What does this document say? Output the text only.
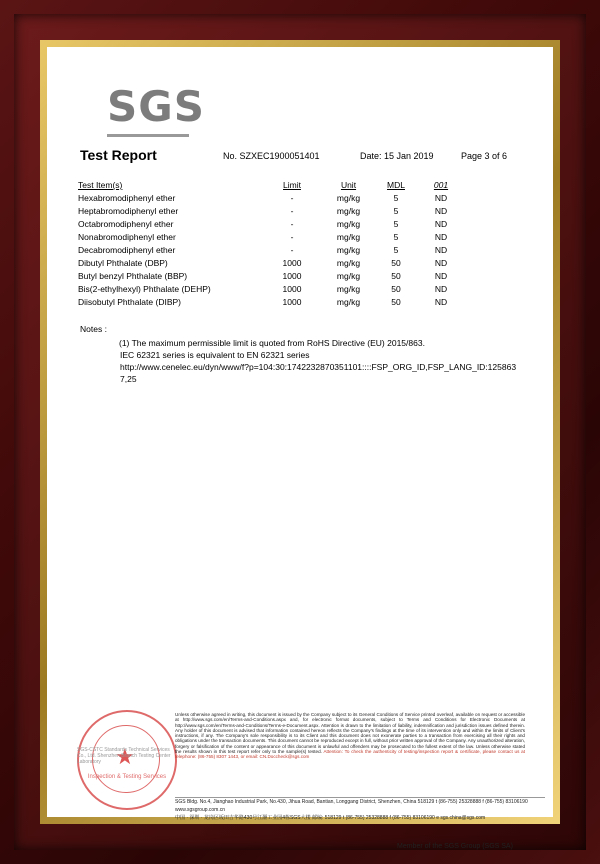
SGS
Test Report	No. SZXEC1900051401	Date: 15 Jan 2019	Page 3 of 6
Test Item(s)	Limit	Unit	MDL	001
Hexabromodiphenyl ether	-	mg/kg	5	ND
Heptabromodiphenyl ether	-	mg/kg	5	ND
Octabromodiphenyl ether	-	mg/kg	5	ND
Nonabromodiphenyl ether	-	mg/kg	5	ND
Decabromodiphenyl ether	-	mg/kg	5	ND
Dibutyl Phthalate (DBP)	1000	mg/kg	50	ND
Butyl benzyl Phthalate (BBP)	1000	mg/kg	50	ND
Bis(2-ethylhexyl) Phthalate (DEHP)	1000	mg/kg	50	ND
Diisobutyl Phthalate (DIBP)	1000	mg/kg	50	ND
Notes :

(1) The maximum permissible limit is quoted from RoHS Directive (EU) 2015/863.

IEC 62321 series is equivalent to EN 62321 series

http://www.cenelec.eu/dyn/www/f?p=104:30:1742232870351101::::FSP_ORG_ID,FSP_LANG_ID:125863

7,25

★
Inspection & Testing Services
SGS-CSTC Standards Technical Services Co., Ltd. Shenzhen Branch Testing Center Laboratory
Unless otherwise agreed in writing, this document is issued by the Company subject to its General Conditions of Service printed overleaf, available on request or accessible at http://www.sgs.com/en/Terms-and-Conditions.aspx and, for electronic format documents, subject to Terms and Conditions for Electronic Documents at http://www.sgs.com/en/Terms-and-Conditions/Terms-e-Document.aspx. Attention is drawn to the limitation of liability, indemnification and jurisdiction issues defined therein. Any holder of this document is advised that information contained hereon reflects the Company's findings at the time of its intervention only and within the limits of Client's instructions, if any. The Company's sole responsibility is to its Client and this document does not exonerate parties to a transaction from exercising all their rights and obligations under the transaction documents. This document cannot be reproduced except in full, without prior written approval of the Company. Any unauthorized alteration, forgery or falsification of the content or appearance of this document is unlawful and offenders may be prosecuted to the fullest extent of the law. Unless otherwise stated the results shown in this test report refer only to the sample(s) tested. Attention: To check the authenticity of testing/inspection report & certificate, please contact us at telephone: (86-755) 8307 1443, or email: CN.Doccheck@sgs.com
SGS Bldg. No.4, Jianghao Industrial Park, No.430, Jihua Road, Bantian, Longgang District, Shenzhen, China 518129 t (86-755) 25328888 f (86-755) 83106190 www.sgsgroup.com.cn
中国 · 深圳 · 龙岗区坂田吉华路430号江灏工业园4栋SGS大楼 邮编: 518129 t (86-755) 25328888 f (86-755) 83106190 e sgs.china@sgs.com
Member of the SGS Group (SGS SA)
